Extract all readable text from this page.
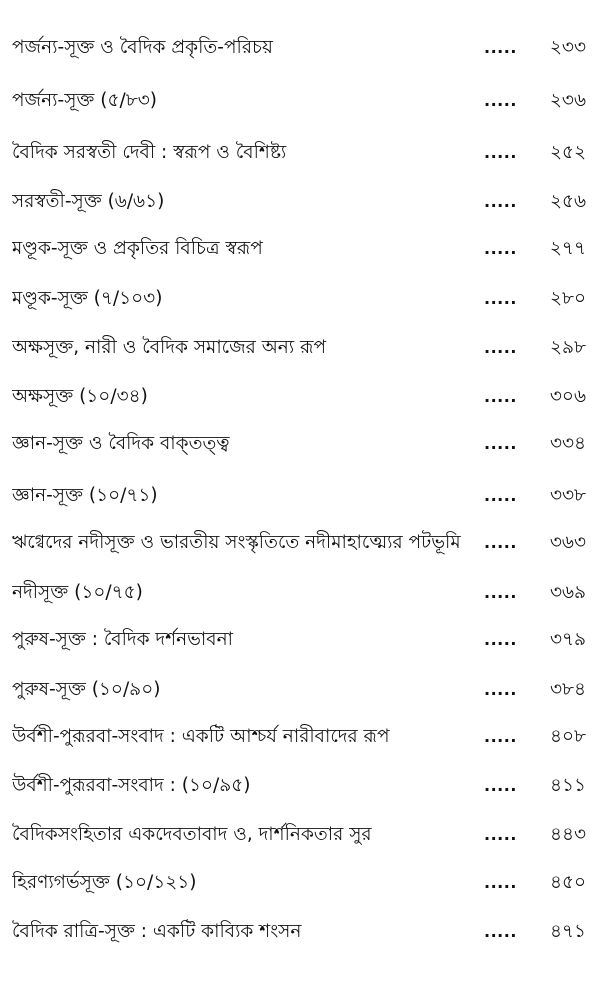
পর্জন্য-সূক্ত ও বৈদিক প্রকৃতি-পরিচয়	.....	২৩৩
পর্জন্য-সূক্ত (৫/৮৩)	.....	২৩৬
বৈদিক সরস্বতী দেবী : স্বরূপ ও বৈশিষ্ট্য	.....	২৫২
সরস্বতী-সূক্ত (৬/৬১)	.....	২৫৬
মণ্ডূক-সূক্ত ও প্রকৃতির বিচিত্র স্বরূপ	.....	২৭৭
মণ্ডূক-সূক্ত (৭/১০৩)	.....	২৮০
অক্ষসূক্ত, নারী ও বৈদিক সমাজের অন্য রূপ	.....	২৯৮
অক্ষসূক্ত (১০/৩৪)	.....	৩০৬
জ্ঞান-সূক্ত ও বৈদিক বাক্‌তত্ত্ব	.....	৩৩৪
জ্ঞান-সূক্ত (১০/৭১)	.....	৩৩৮
ঋগ্বেদের নদীসূক্ত ও ভারতীয় সংস্কৃতিতে নদীমাহাত্ম্যের পটভূমি	.....	৩৬৩
নদীসূক্ত (১০/৭৫)	.....	৩৬৯
পুরুষ-সূক্ত : বৈদিক দর্শনভাবনা	.....	৩৭৯
পুরুষ-সূক্ত (১০/৯০)	.....	৩৮৪
উর্বশী-পুরূরবা-সংবাদ : একটি আশ্চর্য নারীবাদের রূপ	.....	৪০৮
উর্বশী-পুরূরবা-সংবাদ : (১০/৯৫)	.....	৪১১
বৈদিকসংহিতার একদেবতাবাদ ও, দার্শনিকতার সুর	.....	৪৪৩
হিরণ্যগর্ভসূক্ত (১০/১২১)	.....	৪৫০
বৈদিক রাত্রি-সূক্ত : একটি কাব্যিক শংসন	.....	৪৭১
